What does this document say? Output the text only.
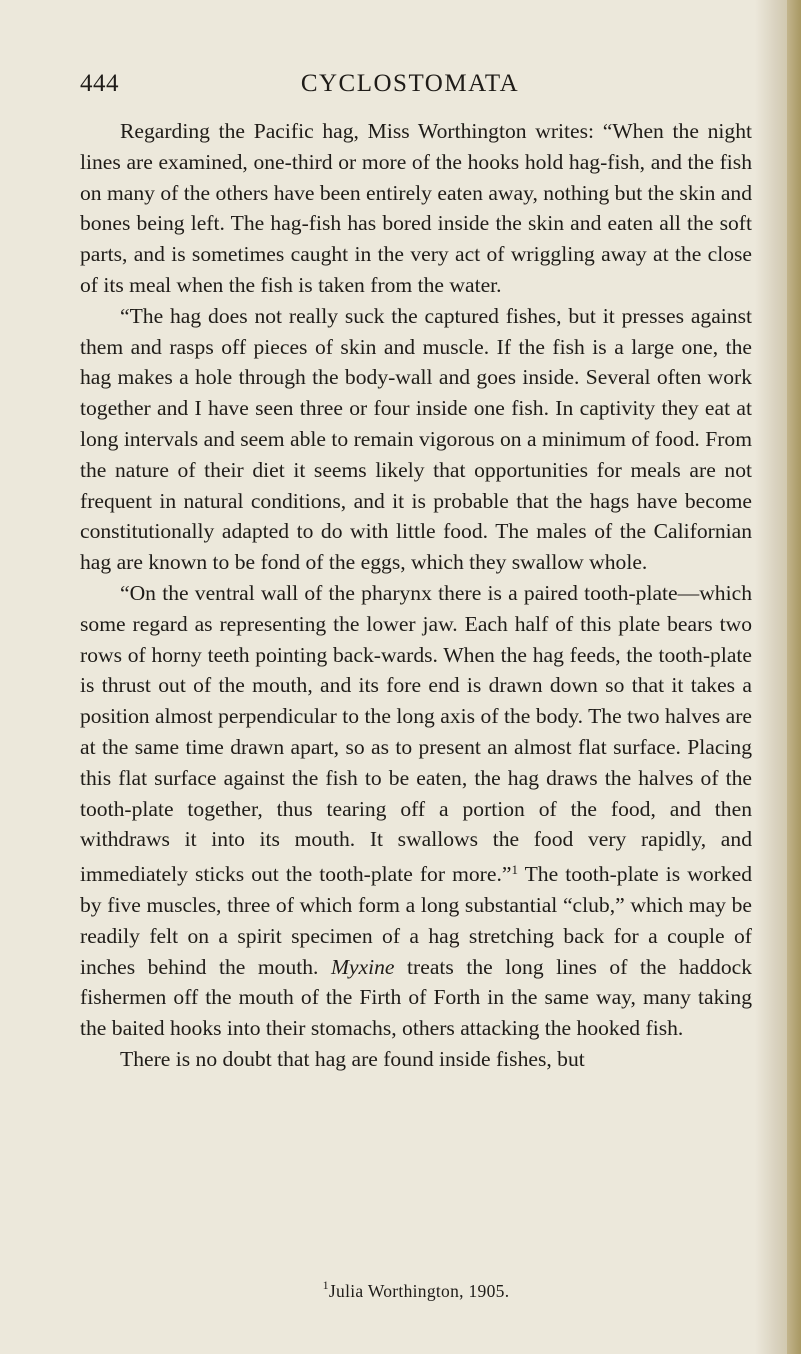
444	CYCLOSTOMATA

Regarding the Pacific hag, Miss Worthington writes: “When the night lines are examined, one-third or more of the hooks hold hag-fish, and the fish on many of the others have been entirely eaten away, nothing but the skin and bones being left. The hag-fish has bored inside the skin and eaten all the soft parts, and is sometimes caught in the very act of wriggling away at the close of its meal when the fish is taken from the water.

“The hag does not really suck the captured fishes, but it presses against them and rasps off pieces of skin and muscle. If the fish is a large one, the hag makes a hole through the body-wall and goes inside. Several often work together and I have seen three or four inside one fish. In captivity they eat at long intervals and seem able to remain vigorous on a minimum of food. From the nature of their diet it seems likely that opportunities for meals are not frequent in natural conditions, and it is probable that the hags have become constitutionally adapted to do with little food. The males of the Californian hag are known to be fond of the eggs, which they swallow whole.

“On the ventral wall of the pharynx there is a paired tooth-plate—which some regard as representing the lower jaw. Each half of this plate bears two rows of horny teeth pointing back-wards. When the hag feeds, the tooth-plate is thrust out of the mouth, and its fore end is drawn down so that it takes a position almost perpendicular to the long axis of the body. The two halves are at the same time drawn apart, so as to present an almost flat surface. Placing this flat surface against the fish to be eaten, the hag draws the halves of the tooth-plate together, thus tearing off a portion of the food, and then withdraws it into its mouth. It swallows the food very rapidly, and immediately sticks out the tooth-plate for more.”$^1$ The tooth-plate is worked by five muscles, three of which form a long substantial “club,” which may be readily felt on a spirit specimen of a hag stretching back for a couple of inches behind the mouth. Myxine treats the long lines of the haddock fishermen off the mouth of the Firth of Forth in the same way, many taking the baited hooks into their stomachs, others attacking the hooked fish.

There is no doubt that hag are found inside fishes, but

$^1$Julia Worthington, 1905.
